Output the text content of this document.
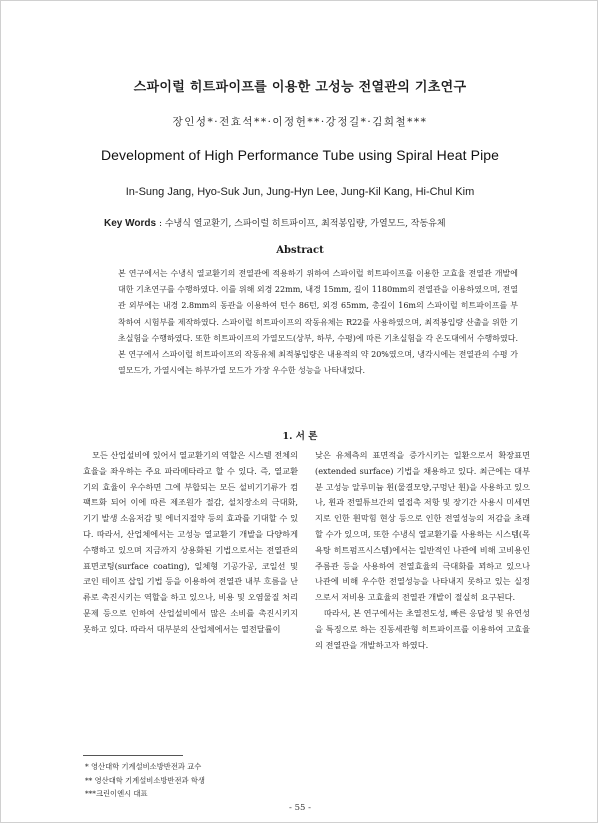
스파이럴 히트파이프를 이용한 고성능 전열관의 기초연구
장인성*·전효석**·이정헌**·강정길*·김희철***
Development of High Performance Tube using Spiral Heat Pipe
In-Sung Jang, Hyo-Suk Jun, Jung-Hyn Lee, Jung-Kil Kang, Hi-Chul Kim
Key Words : 수냉식 열교환기, 스파이럴 히트파이프, 최적봉입량, 가열모드, 작동유체
Abstract
본 연구에서는 수냉식 열교환기의 전열관에 적용하기 위하여 스파이럴 히트파이프를 이용한 고효율 전열관 개발에 대한 기초연구를 수행하였다. 이를 위해 외경 22mm, 내경 15mm, 길이 1180mm의 전열관을 이용하였으며, 전열관 외부에는 내경 2.8mm의 동관을 이용하여 턴수 86턴, 외경 65mm, 총길이 16m의 스파이럴 히트파이프를 부착하여 시험부를 제작하였다. 스파이럴 히트파이프의 작동유체는 R22를 사용하였으며, 최적봉입량 산출을 위한 기초실험을 수행하였다. 또한 히트파이프의 가열모드(상부, 하부, 수평)에 따른 기초실험을 각 온도대에서 수행하였다. 본 연구에서 스파이럴 히트파이프의 작동유체 최적봉입량은 내용적의 약 20%였으며, 냉각시에는 전열관의 수평 가열모드가, 가열시에는 하부가열 모드가 가장 우수한 성능을 나타내었다.
1. 서 론

모든 산업설비에 있어서 열교환기의 역할은 시스템 전체의 효율을 좌우하는 주요 파라메타라고 할 수 있다. 즉, 열교환기의 효율이 우수하면 그에 부합되는 모든 설비기기류가 컴팩트화 되어 이에 따른 제조원가 절감, 설치장소의 극대화, 기기 발생 소음저감 및 에너지절약 등의 효과를 기대할 수 있다. 따라서, 산업체에서는 고성능 열교환기 개발을 다양하게 수행하고 있으며 지금까지 상용화된 기법으로서는 전열관의 표면코팅(surface coating), 일체형 기공가공, 코일선 및 코인 테이프 삽입 기법 등을 이용하여 전열관 내부 흐름을 난류로 촉진시키는 역할을 하고 있으나, 비용 및 오염물질 처리 문제 등으로 인하여 산업설비에서 많은 소비를 촉진시키지 못하고 있다. 따라서 대부분의 산업체에서는 열전달률이

낮은 유체측의 표면적을 증가시키는 일환으로서 확장표면(extended surface) 기법을 채용하고 있다. 최근에는 대부분 고성능 알루미늄 휜(물결모양,구멍난 휜)을 사용하고 있으나, 휜과 전열튜브간의 열접촉 저항 및 장기간 사용시 미세먼지로 인한 휜막힘 현상 등으로 인한 전열성능의 저감을 초래할 수가 있으며, 또한 수냉식 열교환기를 사용하는 시스템(목욕탕 히트펌프시스템)에서는 일반적인 나관에 비해 고비용인 주름관 등을 사용하여 전열효율의 극대화를 꾀하고 있으나 나관에 비해 우수한 전열성능을 나타내지 못하고 있는 실정으로서 저비용 고효율의 전열관 개발이 절실히 요구된다.

따라서, 본 연구에서는 초열전도성, 빠른 응답성 및 유연성을 특징으로 하는 진동세관형 히트파이프를 이용하여 고효율의 전열관을 개발하고자 하였다.

* 영산대학 기계설비소방반전과 교수
** 영산대학 기계설비소방반전과 학생
***크린이엔시 대표
- 55 -
